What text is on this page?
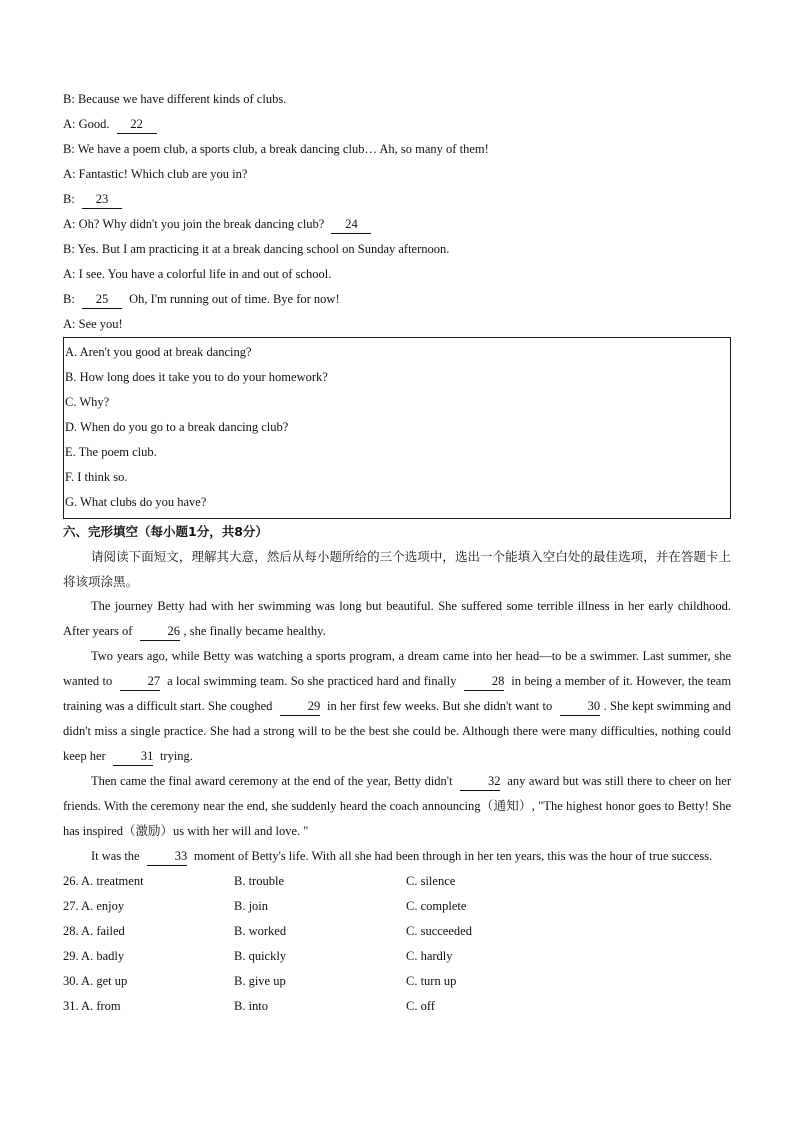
B: Because we have different kinds of clubs.
A: Good. 22
B: We have a poem club, a sports club, a break dancing club… Ah, so many of them!
A: Fantastic! Which club are you in?
B: 23
A: Oh? Why didn't you join the break dancing club? 24
B: Yes. But I am practicing it at a break dancing school on Sunday afternoon.
A: I see. You have a colorful life in and out of school.
B: 25 Oh, I'm running out of time. Bye for now!
A: See you!
A. Aren't you good at break dancing?
B. How long does it take you to do your homework?
C. Why?
D. When do you go to a break dancing club?
E. The poem club.
F. I think so.
G. What clubs do you have?
六、完形填空（每小题1分，共8分）
请阅读下面短文，理解其大意，然后从每小题所给的三个选项中，选出一个能填入空白处的最佳选项，并在答题卡上将该项涂黑。
The journey Betty had with her swimming was long but beautiful. She suffered some terrible illness in her early childhood. After years of	26 , she finally became healthy.
Two years ago, while Betty was watching a sports program, a dream came into her head—to be a swimmer. Last summer, she wanted to	27 a local swimming team. So she practiced hard and finally	28 in being a member of it. However, the team training was a difficult start. She coughed	29 in her first few weeks. But she didn't want to	30 . She kept swimming and didn't miss a single practice. She had a strong will to be the best she could be. Although there were many difficulties, nothing could keep her	31 trying.
Then came the final award ceremony at the end of the year, Betty didn't	32 any award but was still there to cheer on her friends. With the ceremony near the end, she suddenly heard the coach announcing（通知）, "The highest honor goes to Betty! She has inspired（激励）us with her will and love. "
It was the	33 moment of Betty's life. With all she had been through in her ten years, this was the hour of true success.
26. A. treatment	B. trouble	C. silence
27. A. enjoy	B. join	C. complete
28. A. failed	B. worked	C. succeeded
29. A. badly	B. quickly	C. hardly
30. A. get up	B. give up	C. turn up
31. A. from	B. into	C. off
